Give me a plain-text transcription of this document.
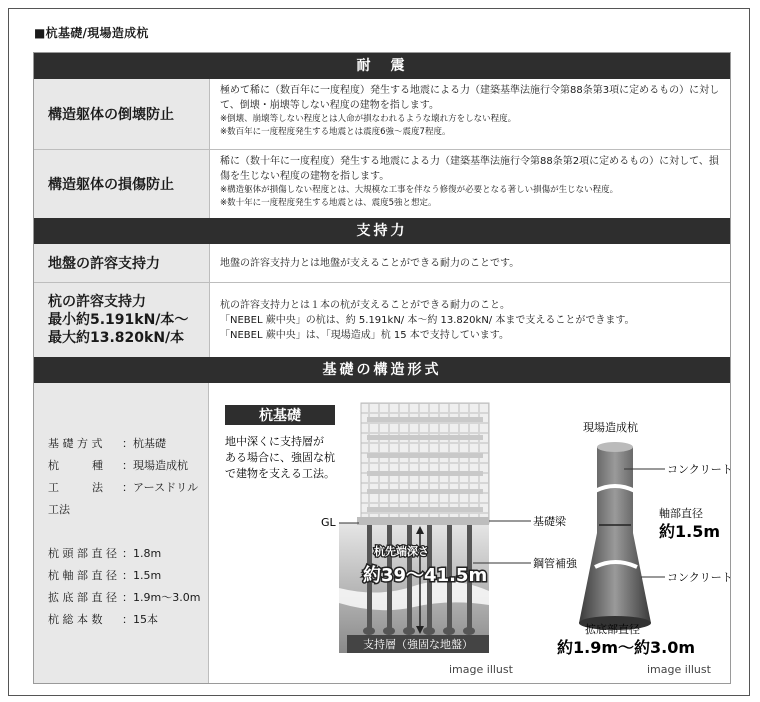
■杭基礎/現場造成杭
耐　震
構造躯体の倒壊防止

極めて稀に（数百年に一度程度）発生する地震による力（建築基準法施行令第88条第3項に定めるもの）に対して、倒壊・崩壊等しない程度の建物を指します。

※倒壊、崩壊等しない程度とは人命が損なわれるような壊れ方をしない程度。

※数百年に一度程度発生する地震とは震度6強～震度7程度。

構造躯体の損傷防止

稀に（数十年に一度程度）発生する地震による力（建築基準法施行令第88条第2項に定めるもの）に対して、損傷を生じない程度の建物を指します。

※構造躯体が損傷しない程度とは、大規模な工事を伴なう修復が必要となる著しい損傷が生じない程度。

※数十年に一度程度発生する地震とは、震度5強と想定。

支持力
地盤の許容支持力	地盤の許容支持力とは地盤が支えることができる耐力のことです。

杭の許容支持力
最小約5.191kN/本～
最大約13.820kN/本

杭の許容支持力とは１本の杭が支えることができる耐力のこと。

「NEBEL 蕨中央」の杭は、約 5.191kN/ 本～約 13.820kN/ 本まで支えることができます。

「NEBEL 蕨中央」は、「現場造成」杭 15 本で支持しています。

基礎の構造形式
基 礎 方 式 ：杭基礎
杭　　　種 ：現場造成杭
工　　　法 ：アースドリル工法
杭 頭 部 直 径 ：1.8m
杭 軸 部 直 径 ：1.5m
拡 底 部 直 径 ：1.9m～3.0m
杭 総 本 数 ：15本
杭基礎
地中深くに支持層が
ある場合に、強固な杭
で建物を支える工法。
GL
杭先端深さ
約39～41.5m
支持層（強固な地盤）
基礎梁
鋼管補強
image illust
現場造成杭
コンクリート
軸部直径
約1.5m
コンクリート
拡底部直径
約1.9m～約3.0m
image illust
